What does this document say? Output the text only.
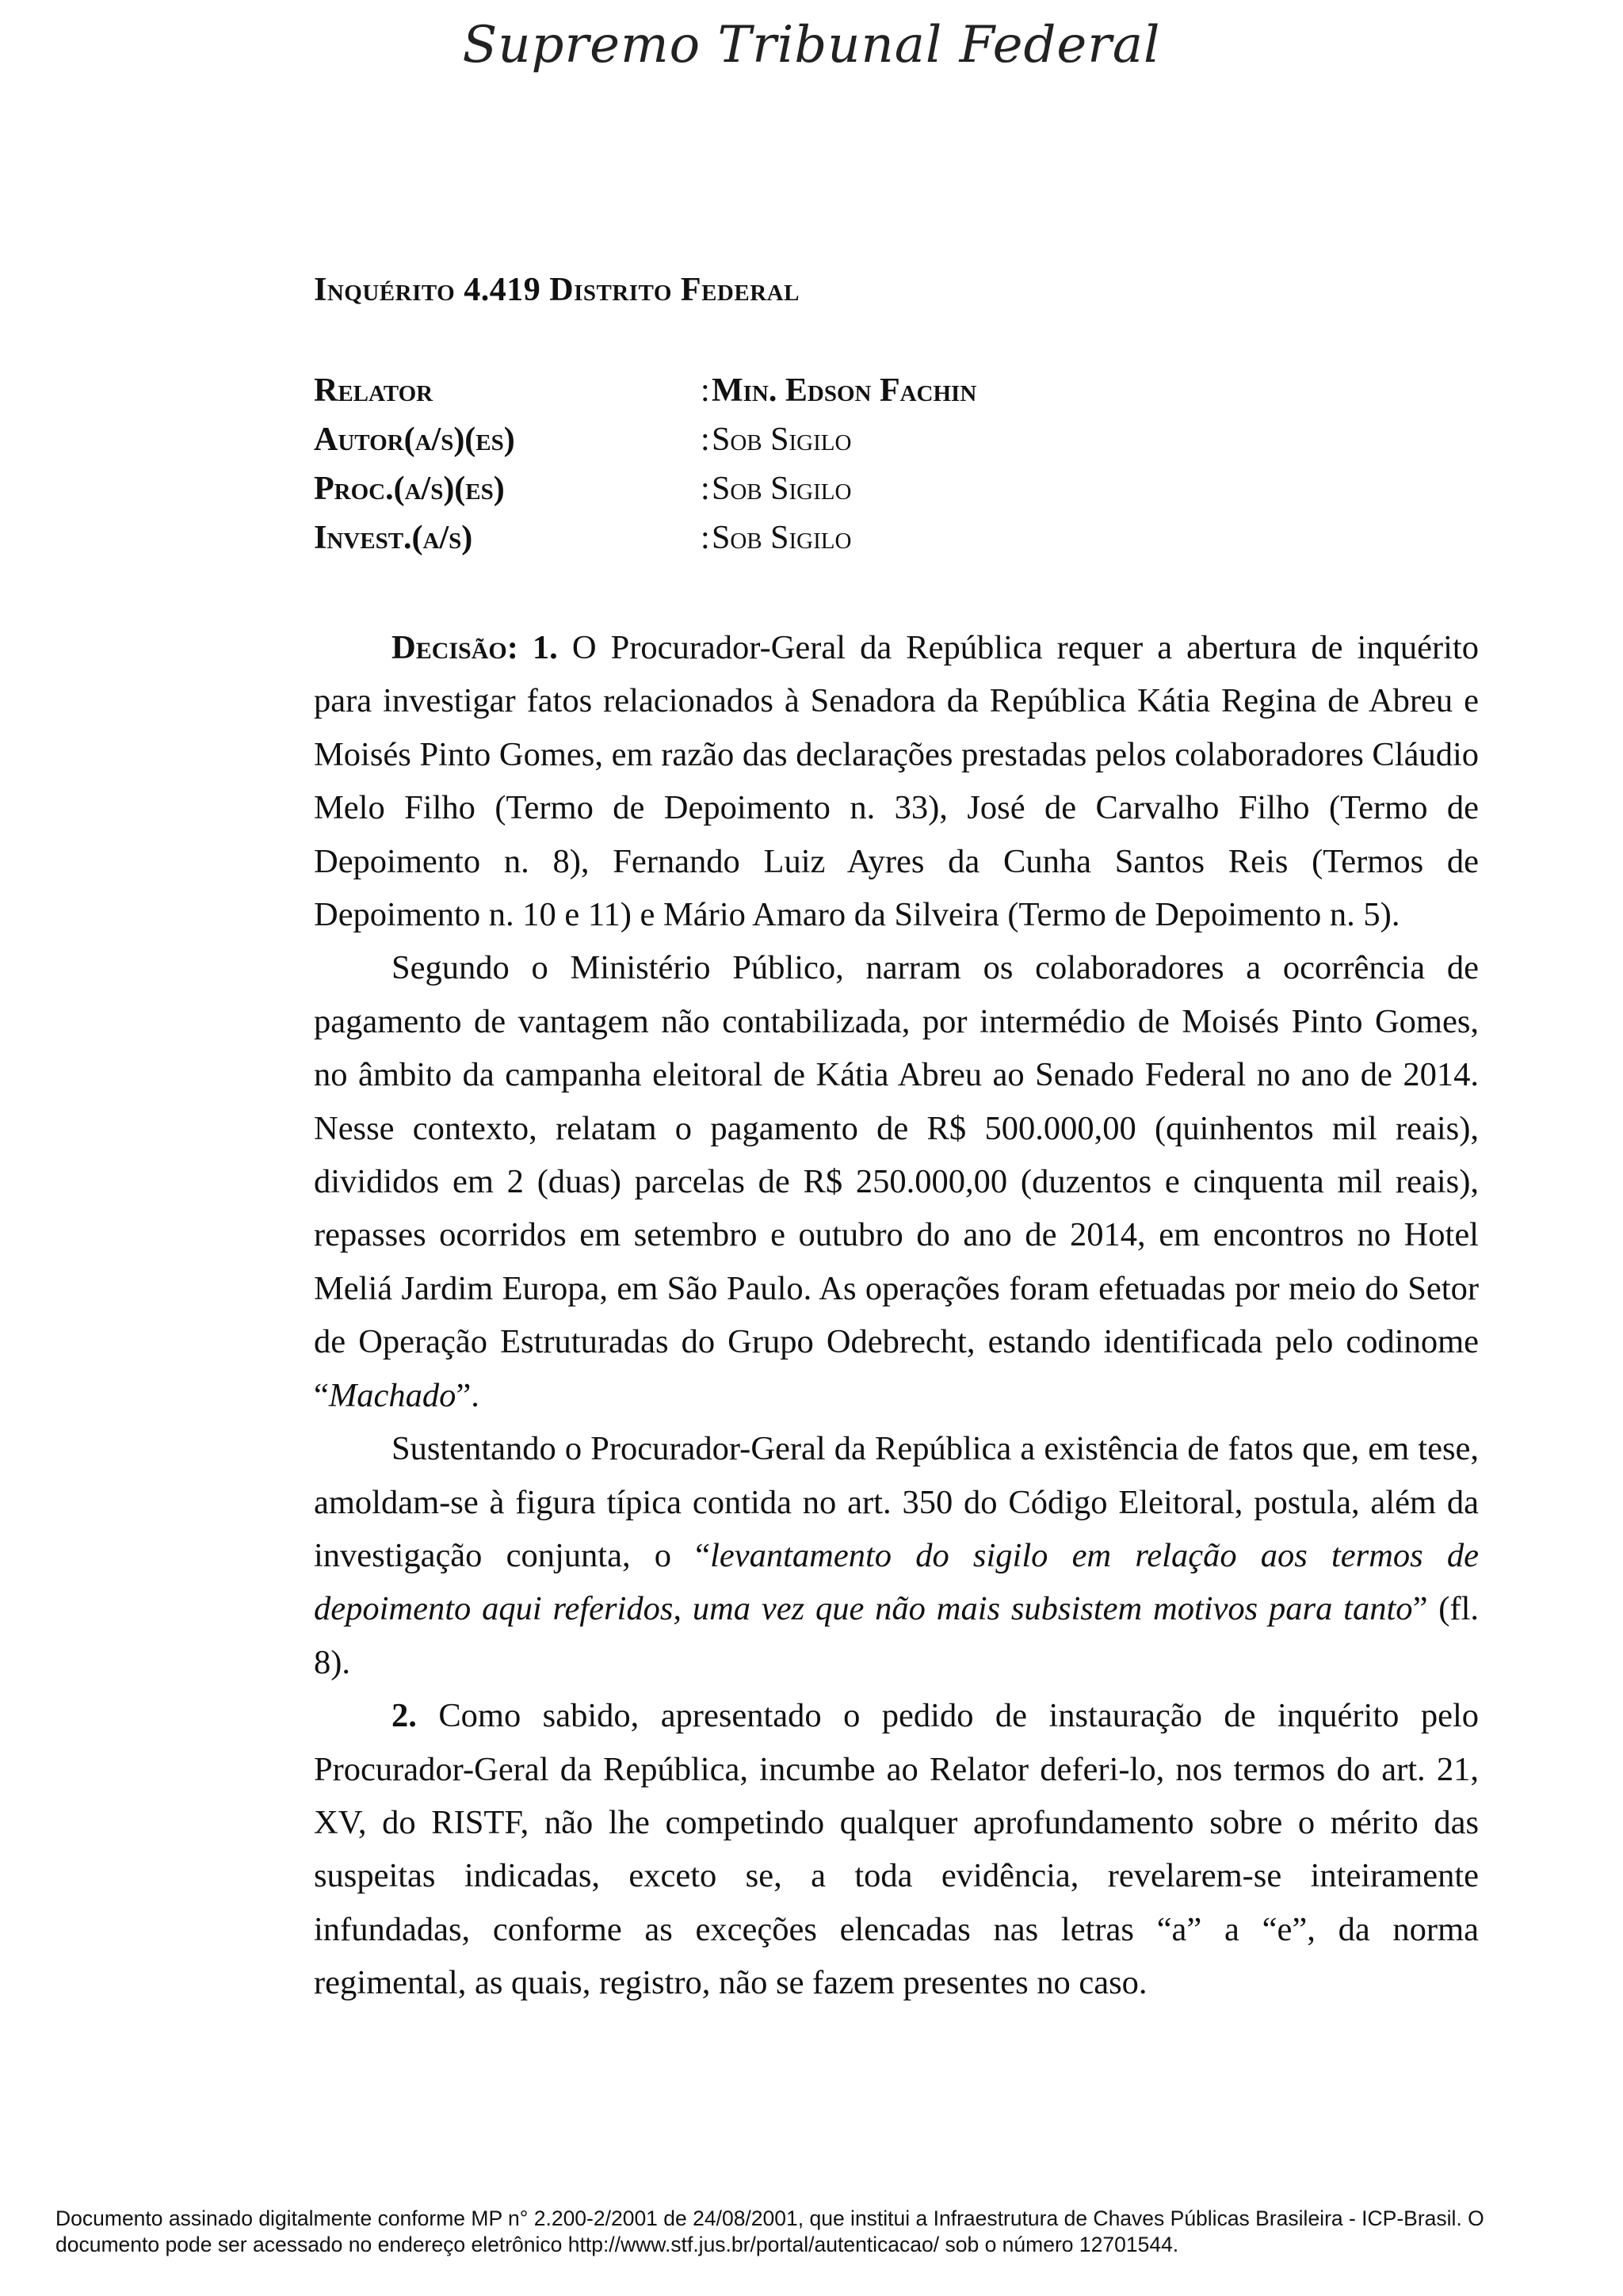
Supremo Tribunal Federal
Inquérito 4.419 Distrito Federal
Relator	:Min. Edson Fachin
Autor(a/s)(es)	:Sob Sigilo
Proc.(a/s)(es)	:Sob Sigilo
Invest.(a/s)	:Sob Sigilo

Decisão: 1. O Procurador-Geral da República requer a abertura de inquérito para investigar fatos relacionados à Senadora da República Kátia Regina de Abreu e Moisés Pinto Gomes, em razão das declarações prestadas pelos colaboradores Cláudio Melo Filho (Termo de Depoimento n. 33), José de Carvalho Filho (Termo de Depoimento n. 8), Fernando Luiz Ayres da Cunha Santos Reis (Termos de Depoimento n. 10 e 11) e Mário Amaro da Silveira (Termo de Depoimento n. 5).

Segundo o Ministério Público, narram os colaboradores a ocorrência de pagamento de vantagem não contabilizada, por intermédio de Moisés Pinto Gomes, no âmbito da campanha eleitoral de Kátia Abreu ao Senado Federal no ano de 2014. Nesse contexto, relatam o pagamento de R$ 500.000,00 (quinhentos mil reais), divididos em 2 (duas) parcelas de R$ 250.000,00 (duzentos e cinquenta mil reais), repasses ocorridos em setembro e outubro do ano de 2014, em encontros no Hotel Meliá Jardim Europa, em São Paulo. As operações foram efetuadas por meio do Setor de Operação Estruturadas do Grupo Odebrecht, estando identificada pelo codinome “Machado”.

Sustentando o Procurador-Geral da República a existência de fatos que, em tese, amoldam-se à figura típica contida no art. 350 do Código Eleitoral, postula, além da investigação conjunta, o “levantamento do sigilo em relação aos termos de depoimento aqui referidos, uma vez que não mais subsistem motivos para tanto” (fl. 8).

2. Como sabido, apresentado o pedido de instauração de inquérito pelo Procurador-Geral da República, incumbe ao Relator deferi-lo, nos termos do art. 21, XV, do RISTF, não lhe competindo qualquer aprofundamento sobre o mérito das suspeitas indicadas, exceto se, a toda evidência, revelarem-se inteiramente infundadas, conforme as exceções elencadas nas letras “a” a “e”, da norma regimental, as quais, registro, não se fazem presentes no caso.

Documento assinado digitalmente conforme MP n° 2.200-2/2001 de 24/08/2001, que institui a Infraestrutura de Chaves Públicas Brasileira - ICP-Brasil. O
documento pode ser acessado no endereço eletrônico http://www.stf.jus.br/portal/autenticacao/ sob o número 12701544.
